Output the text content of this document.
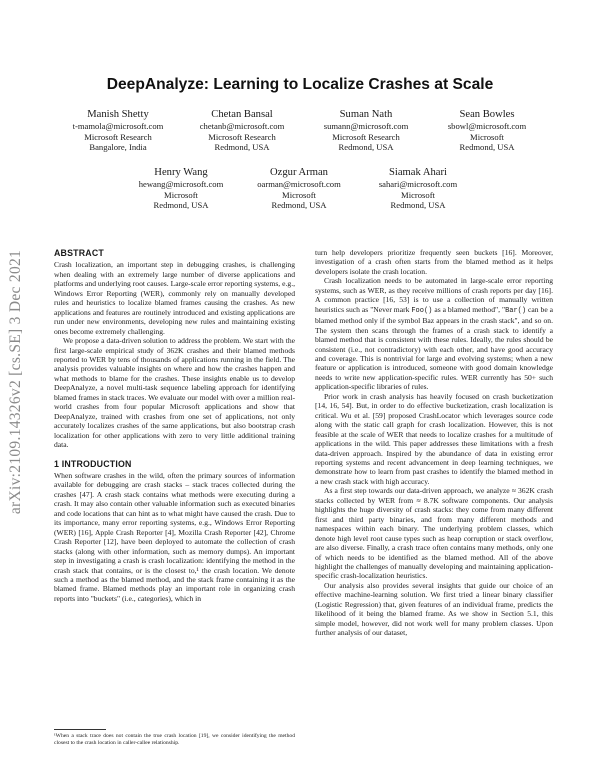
arXiv:2109.14326v2 [cs.SE] 3 Dec 2021
DeepAnalyze: Learning to Localize Crashes at Scale
Manish Shetty
t-mamola@microsoft.com
Microsoft Research
Bangalore, India
Chetan Bansal
chetanb@microsoft.com
Microsoft Research
Redmond, USA
Suman Nath
sumann@microsoft.com
Microsoft Research
Redmond, USA
Sean Bowles
sbowl@microsoft.com
Microsoft
Redmond, USA
Henry Wang
hewang@microsoft.com
Microsoft
Redmond, USA
Ozgur Arman
oarman@microsoft.com
Microsoft
Redmond, USA
Siamak Ahari
sahari@microsoft.com
Microsoft
Redmond, USA
ABSTRACT

Crash localization, an important step in debugging crashes, is challenging when dealing with an extremely large number of diverse applications and platforms and underlying root causes. Large-scale error reporting systems, e.g., Windows Error Reporting (WER), commonly rely on manually developed rules and heuristics to localize blamed frames causing the crashes. As new applications and features are routinely introduced and existing applications are run under new environments, developing new rules and maintaining existing ones become extremely challenging.

We propose a data-driven solution to address the problem. We start with the first large-scale empirical study of 362K crashes and their blamed methods reported to WER by tens of thousands of applications running in the field. The analysis provides valuable insights on where and how the crashes happen and what methods to blame for the crashes. These insights enable us to develop DeepAnalyze, a novel multi-task sequence labeling approach for identifying blamed frames in stack traces. We evaluate our model with over a million real-world crashes from four popular Microsoft applications and show that DeepAnalyze, trained with crashes from one set of applications, not only accurately localizes crashes of the same applications, but also bootstrap crash localization for other applications with zero to very little additional training data.

1 INTRODUCTION

When software crashes in the wild, often the primary sources of information available for debugging are crash stacks – stack traces collected during the crashes [47]. A crash stack contains what methods were executing during a crash. It may also contain other valuable information such as executed binaries and code locations that can hint as to what might have caused the crash. Due to its importance, many error reporting systems, e.g., Windows Error Reporting (WER) [16], Apple Crash Reporter [4], Mozilla Crash Reporter [42], Chrome Crash Reporter [12], have been deployed to automate the collection of crash stacks (along with other information, such as memory dumps). An important step in investigating a crash is crash localization: identifying the method in the crash stack that contains, or is the closest to,¹ the crash location. We denote such a method as the blamed method, and the stack frame containing it as the blamed frame. Blamed methods play an important role in organizing crash reports into "buckets" (i.e., categories), which in

¹When a stack trace does not contain the true crash location [19], we consider identifying the method closest to the crash location in caller-callee relationship.

turn help developers prioritize frequently seen buckets [16]. Moreover, investigation of a crash often starts from the blamed method as it helps developers isolate the crash location.

Crash localization needs to be automated in large-scale error reporting systems, such as WER, as they receive millions of crash reports per day [16]. A common practice [16, 53] is to use a collection of manually written heuristics such as "Never mark Foo() as a blamed method", "Bar() can be a blamed method only if the symbol Baz appears in the crash stack", and so on. The system then scans through the frames of a crash stack to identify a blamed method that is consistent with these rules. Ideally, the rules should be consistent (i.e., not contradictory) with each other, and have good accuracy and coverage. This is nontrivial for large and evolving systems; when a new feature or application is introduced, someone with good domain knowledge needs to write new application-specific rules. WER currently has 50+ such application-specific libraries of rules.

Prior work in crash analysis has heavily focused on crash bucketization [14, 16, 54]. But, in order to do effective bucketization, crash localization is critical. Wu et al. [59] proposed CrashLocator which leverages source code along with the static call graph for crash localization. However, this is not feasible at the scale of WER that needs to localize crashes for a multitude of applications in the wild. This paper addresses these limitations with a fresh data-driven approach. Inspired by the abundance of data in existing error reporting systems and recent advancement in deep learning techniques, we demonstrate how to learn from past crashes to identify the blamed method in a new crash stack with high accuracy.

As a first step towards our data-driven approach, we analyze ≈ 362K crash stacks collected by WER from ≈ 8.7K software components. Our analysis highlights the huge diversity of crash stacks: they come from many different first and third party binaries, and from many different methods and namespaces within each binary. The underlying problem classes, which denote high level root cause types such as heap corruption or stack overflow, are also diverse. Finally, a crash trace often contains many methods, only one of which needs to be identified as the blamed method. All of the above highlight the challenges of manually developing and maintaining application-specific crash-localization heuristics.

Our analysis also provides several insights that guide our choice of an effective machine-learning solution. We first tried a linear binary classifier (Logistic Regression) that, given features of an individual frame, predicts the likelihood of it being the blamed frame. As we show in Section 5.1, this simple model, however, did not work well for many problem classes. Upon further analysis of our dataset,
